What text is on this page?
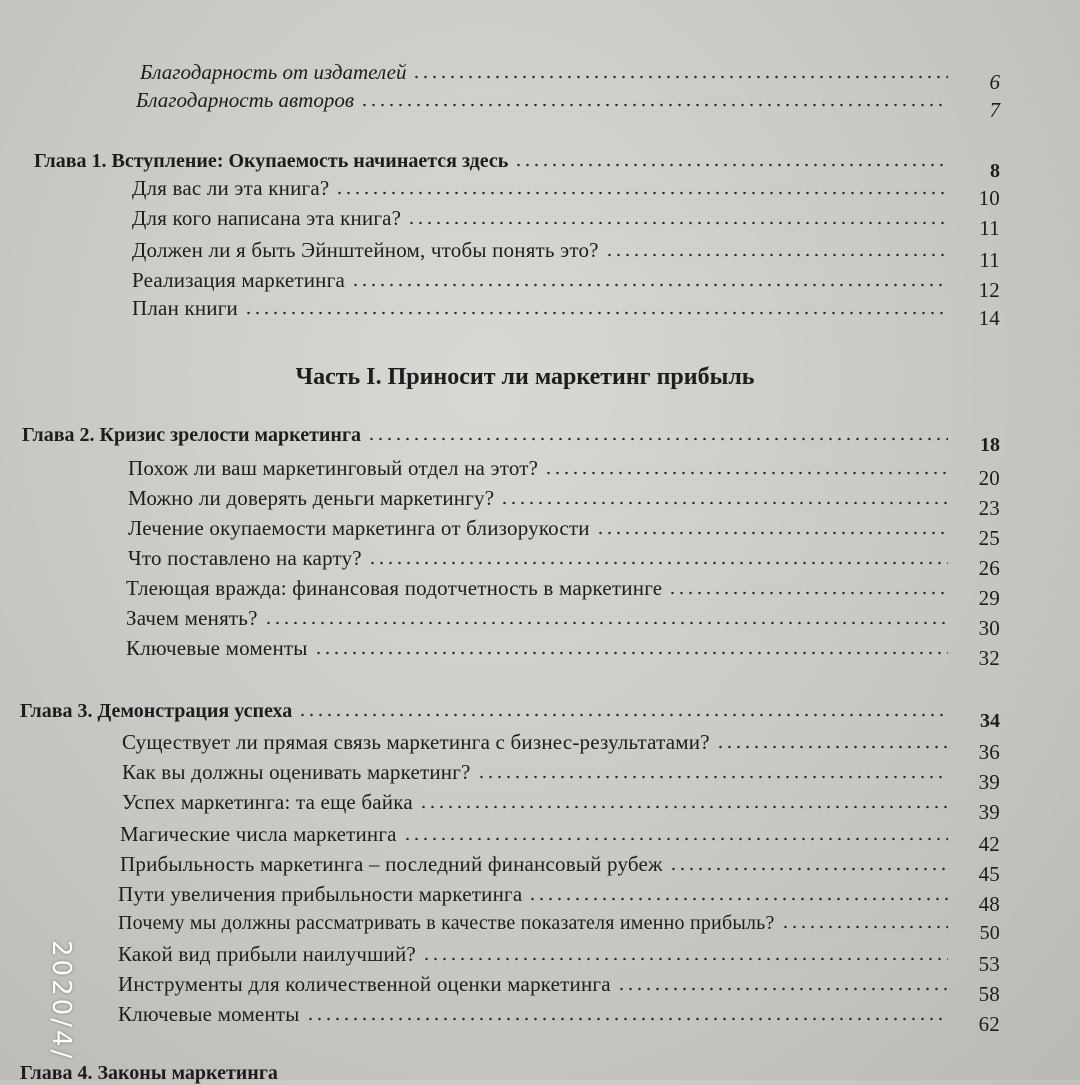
Благодарность от издателей	6
Благодарность авторов	7
Глава 1. Вступление: Окупаемость начинается здесь	8
Для вас ли эта книга?	10
Для кого написана эта книга?	11
Должен ли я быть Эйнштейном, чтобы понять это?	11
Реализация маркетинга	12
План книги	14
Часть I. Приносит ли маркетинг прибыль
Глава 2. Кризис зрелости маркетинга	18
Похож ли ваш маркетинговый отдел на этот?	20
Можно ли доверять деньги маркетингу?	23
Лечение окупаемости маркетинга от близорукости	25
Что поставлено на карту?	26
Тлеющая вражда: финансовая подотчетность в маркетинге	29
Зачем менять?	30
Ключевые моменты	32
Глава 3. Демонстрация успеха	34
Существует ли прямая связь маркетинга с бизнес-результатами?	36
Как вы должны оценивать маркетинг?	39
Успех маркетинга: та еще байка	39
Магические числа маркетинга	42
Прибыльность маркетинга – последний финансовый рубеж	45
Пути увеличения прибыльности маркетинга	48
Почему мы должны рассматривать в качестве показателя именно прибыль?	50
Какой вид прибыли наилучший?	53
Инструменты для количественной оценки маркетинга	58
Ключевые моменты	62
Глава 4. Законы маркетинга
2020/4/
